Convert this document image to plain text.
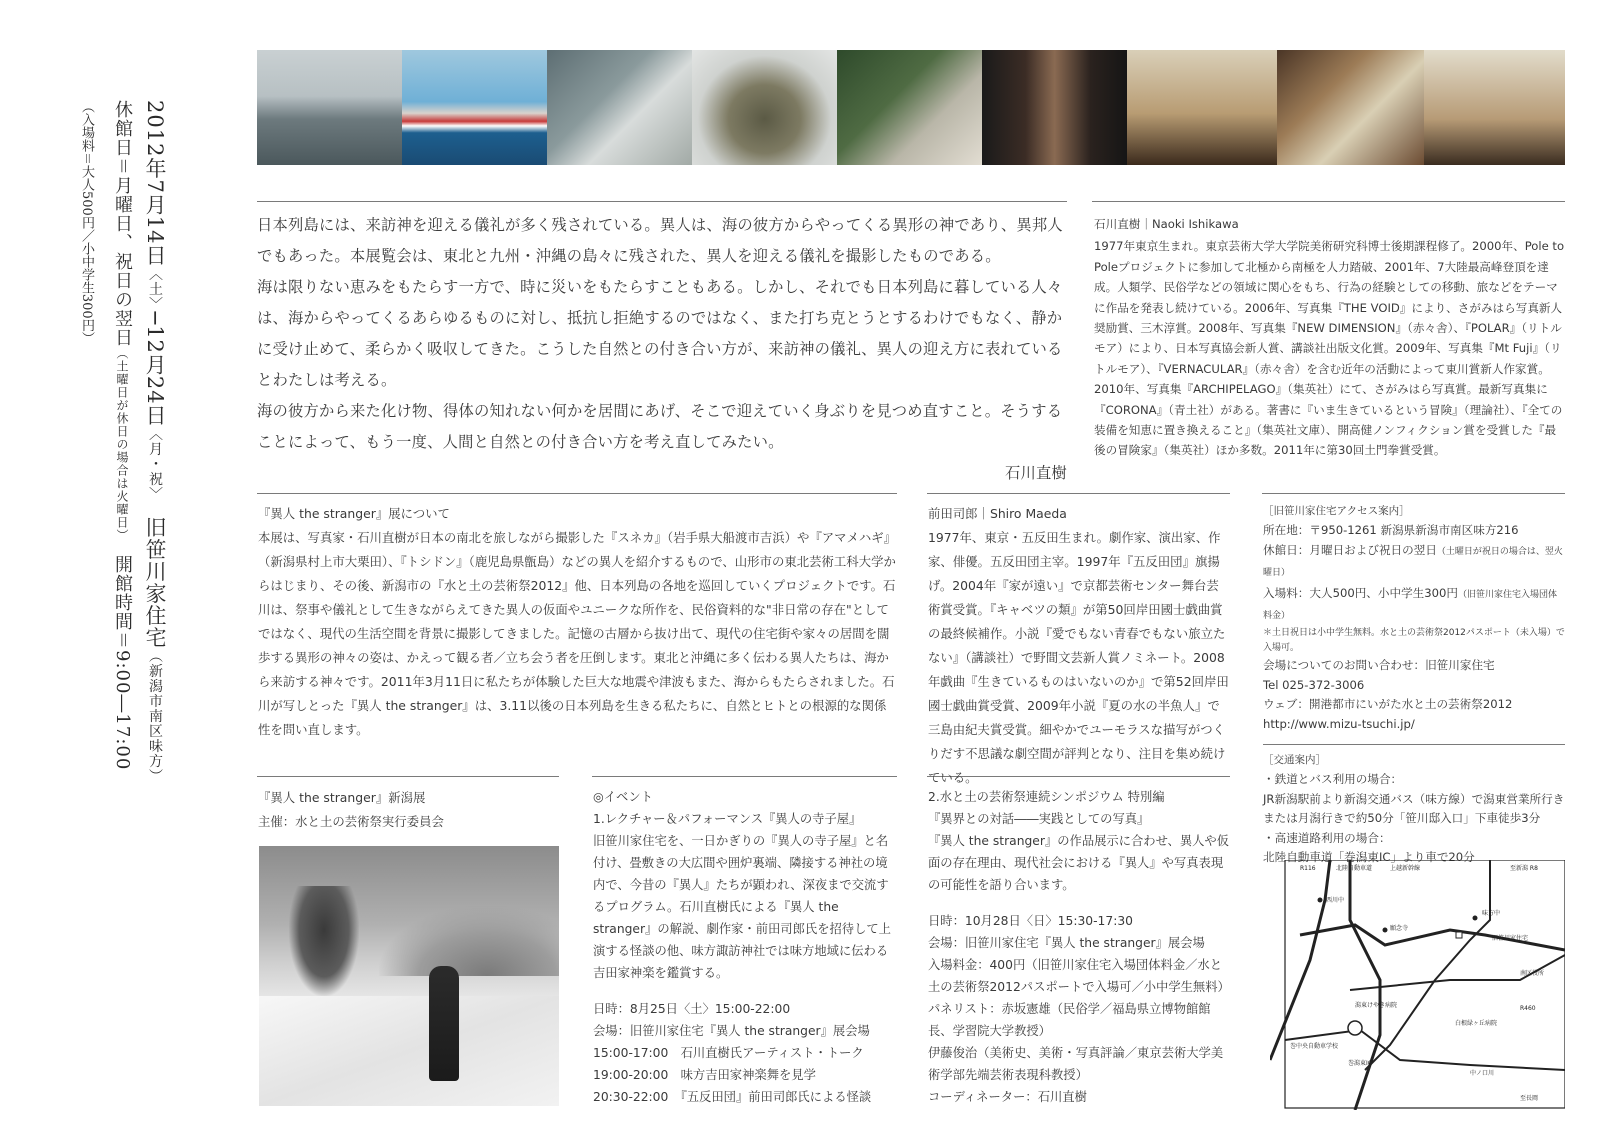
2012年7月14日〈土〉─12月24日〈月・祝〉　旧笹川家住宅（新潟市南区味方）
休館日＝月曜日、祝日の翌日（土曜日が休日の場合は火曜日）　開館時間＝9:00―17:00
（入場料＝大人500円／小中学生300円）	日本列島には、来訪神を迎える儀礼が多く残されている。異人は、海の彼方からやってくる異形の神であり、異邦人でもあった。本展覧会は、東北と九州・沖縄の島々に残された、異人を迎える儀礼を撮影したものである。

海は限りない恵みをもたらす一方で、時に災いをもたらすこともある。しかし、それでも日本列島に暮している人々は、海からやってくるあらゆるものに対し、抵抗し拒絶するのではなく、また打ち克とうとするわけでもなく、静かに受け止めて、柔らかく吸収してきた。こうした自然との付き合い方が、来訪神の儀礼、異人の迎え方に表れているとわたしは考える。

海の彼方から来た化け物、得体の知れない何かを居間にあげ、そこで迎えていく身ぶりを見つめ直すこと。そうすることによって、もう一度、人間と自然との付き合い方を考え直してみたい。

石川直樹

石川直樹｜Naoki Ishikawa
1977年東京生まれ。東京芸術大学大学院美術研究科博士後期課程修了。2000年、Pole to Poleプロジェクトに参加して北極から南極を人力踏破、2001年、7大陸最高峰登頂を達成。人類学、民俗学などの領域に関心をもち、行為の経験としての移動、旅などをテーマに作品を発表し続けている。2006年、写真集『THE VOID』により、さがみはら写真新人奨励賞、三木淳賞。2008年、写真集『NEW DIMENSION』（赤々舎）、『POLAR』（リトルモア）により、日本写真協会新人賞、講談社出版文化賞。2009年、写真集『Mt Fuji』（リトルモア）、『VERNACULAR』（赤々舎）を含む近年の活動によって東川賞新人作家賞。2010年、写真集『ARCHIPELAGO』（集英社）にて、さがみはら写真賞。最新写真集に『CORONA』（青土社）がある。著書に『いま生きているという冒険』（理論社）、『全ての装備を知恵に置き換えること』（集英社文庫）、開高健ノンフィクション賞を受賞した『最後の冒険家』（集英社）ほか多数。2011年に第30回土門拳賞受賞。
『異人 the stranger』展について
本展は、写真家・石川直樹が日本の南北を旅しながら撮影した『スネカ』（岩手県大船渡市吉浜）や『アマメハギ』（新潟県村上市大栗田）、『トシドン』（鹿児島県甑島）などの異人を紹介するもので、山形市の東北芸術工科大学からはじまり、その後、新潟市の『水と土の芸術祭2012』他、日本列島の各地を巡回していくプロジェクトです。石川は、祭事や儀礼として生きながらえてきた異人の仮面やユニークな所作を、民俗資料的な"非日常の存在"としてではなく、現代の生活空間を背景に撮影してきました。記憶の古層から抜け出て、現代の住宅街や家々の居間を闊歩する異形の神々の姿は、かえって観る者／立ち会う者を圧倒します。東北と沖縄に多く伝わる異人たちは、海から来訪する神々です。2011年3月11日に私たちが体験した巨大な地震や津波もまた、海からもたらされました。石川が写しとった『異人 the stranger』は、3.11以後の日本列島を生きる私たちに、自然とヒトとの根源的な関係性を問い直します。
前田司郎｜Shiro Maeda
1977年、東京・五反田生まれ。劇作家、演出家、作家、俳優。五反田団主宰。1997年『五反田団』旗揚げ。2004年『家が遠い』で京都芸術センター舞台芸術賞受賞。『キャベツの類』が第50回岸田國士戯曲賞の最終候補作。小説『愛でもない青春でもない旅立たない』（講談社）で野間文芸新人賞ノミネート。2008年戯曲『生きているものはいないのか』で第52回岸田國士戯曲賞受賞、2009年小説『夏の水の半魚人』で三島由紀夫賞受賞。細やかでユーモラスな描写がつくりだす不思議な劇空間が評判となり、注目を集め続けている。
［旧笹川家住宅アクセス案内］
所在地：〒950-1261 新潟県新潟市南区味方216
休館日：月曜日および祝日の翌日（土曜日が祝日の場合は、翌火曜日）
入場料：大人500円、小中学生300円（旧笹川家住宅入場団体料金）
＊土日祝日は小中学生無料。水と土の芸術祭2012パスポート（未入場）で入場可。
会場についてのお問い合わせ：旧笹川家住宅
Tel 025-372-3006
ウェブ：開港都市にいがた水と土の芸術祭2012
http://www.mizu-tsuchi.jp/
［交通案内］
・鉄道とバス利用の場合：
JR新潟駅前より新潟交通バス（味方線）で潟東営業所行きまたは月潟行きで約50分「笹川邸入口」下車徒歩3分
・高速道路利用の場合：
北陸自動車道「巻潟東IC」より車で20分
『異人 the stranger』新潟展
主催：水と土の芸術祭実行委員会
◎イベント
1.レクチャー＆パフォーマンス『異人の寺子屋』
旧笹川家住宅を、一日かぎりの『異人の寺子屋』と名付け、畳敷きの大広間や囲炉裏端、隣接する神社の境内で、今昔の『異人』たちが顕われ、深夜まで交流するプログラム。石川直樹氏による『異人 the stranger』の解説、劇作家・前田司郎氏を招待して上演する怪談の他、味方諏訪神社では味方地域に伝わる吉田家神楽を鑑賞する。
日時：8月25日〈土〉15:00-22:00
会場：旧笹川家住宅『異人 the stranger』展会場
15:00-17:00　石川直樹氏アーティスト・トーク
19:00-20:00　味方吉田家神楽舞を見学
20:30-22:00　『五反田団』前田司郎氏による怪談
2.水と土の芸術祭連続シンポジウム 特別編
『異界との対話――実践としての写真』
『異人 the stranger』の作品展示に合わせ、異人や仮面の存在理由、現代社会における『異人』や写真表現の可能性を語り合います。
日時：10月28日〈日〉15:30-17:30
会場：旧笹川家住宅『異人 the stranger』展会場
入場料金：400円（旧笹川家住宅入場団体料金／水と土の芸術祭2012パスポートで入場可／小中学生無料）
パネリスト：赤坂憲雄（民俗学／福島県立博物館館長、学習院大学教授）
伊藤俊治（美術史、美術・写真評論／東京芸術大学美術学部先端芸術表現科教授）
コーディネーター：石川直樹
R116	北陸自動車道	上越新幹線	至新潟 R8
西川中
願念寺
味方中
旧笹川家住宅
南区役所
R460
潟東けやき病院
白根緑ヶ丘病院
巻中央自動車学校
巻潟東IC
中ノ口川
至長岡
